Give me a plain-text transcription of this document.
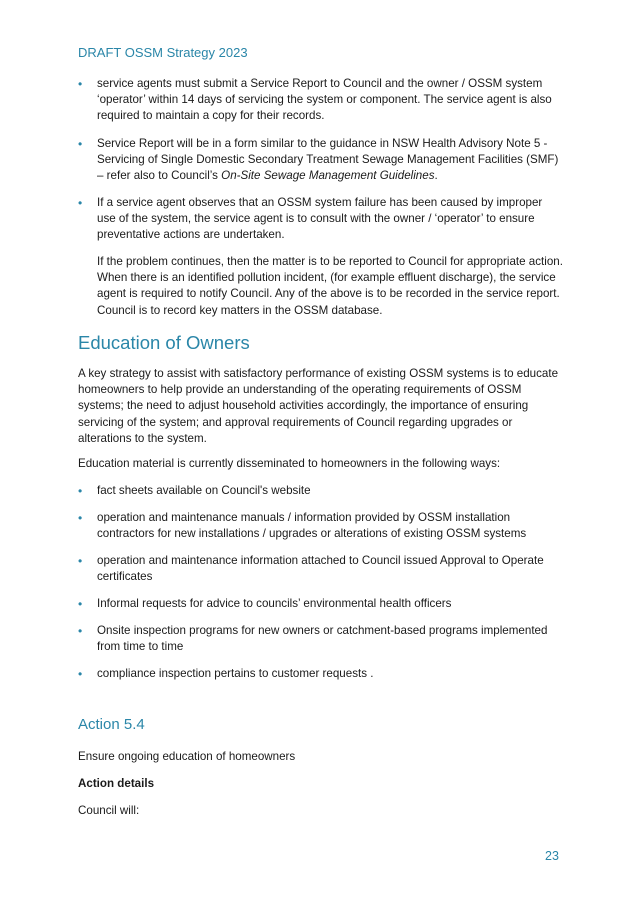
DRAFT OSSM Strategy 2023
• service agents must submit a Service Report to Council and the owner / OSSM system ‘operator’ within 14 days of servicing the system or component. The service agent is also required to maintain a copy for their records.
• Service Report will be in a form similar to the guidance in NSW Health Advisory Note 5 - Servicing of Single Domestic Secondary Treatment Sewage Management Facilities (SMF) – refer also to Council’s On-Site Sewage Management Guidelines.
• If a service agent observes that an OSSM system failure has been caused by improper use of the system, the service agent is to consult with the owner / ‘operator’ to ensure preventative actions are undertaken.

If the problem continues, then the matter is to be reported to Council for appropriate action. When there is an identified pollution incident, (for example effluent discharge), the service agent is required to notify Council. Any of the above is to be recorded in the service report. Council is to record key matters in the OSSM database.

Education of Owners

A key strategy to assist with satisfactory performance of existing OSSM systems is to educate homeowners to help provide an understanding of the operating requirements of OSSM systems; the need to adjust household activities accordingly, the importance of ensuring servicing of the system; and approval requirements of Council regarding upgrades or alterations to the system.

Education material is currently disseminated to homeowners in the following ways:

• fact sheets available on Council's website
• operation and maintenance manuals / information provided by OSSM installation contractors for new installations / upgrades or alterations of existing OSSM systems
• operation and maintenance information attached to Council issued Approval to Operate certificates
• Informal requests for advice to councils’ environmental health officers
• Onsite inspection programs for new owners or catchment-based programs implemented from time to time
• compliance inspection pertains to customer requests .
Action 5.4

Ensure ongoing education of homeowners

Action details

Council will:

23
